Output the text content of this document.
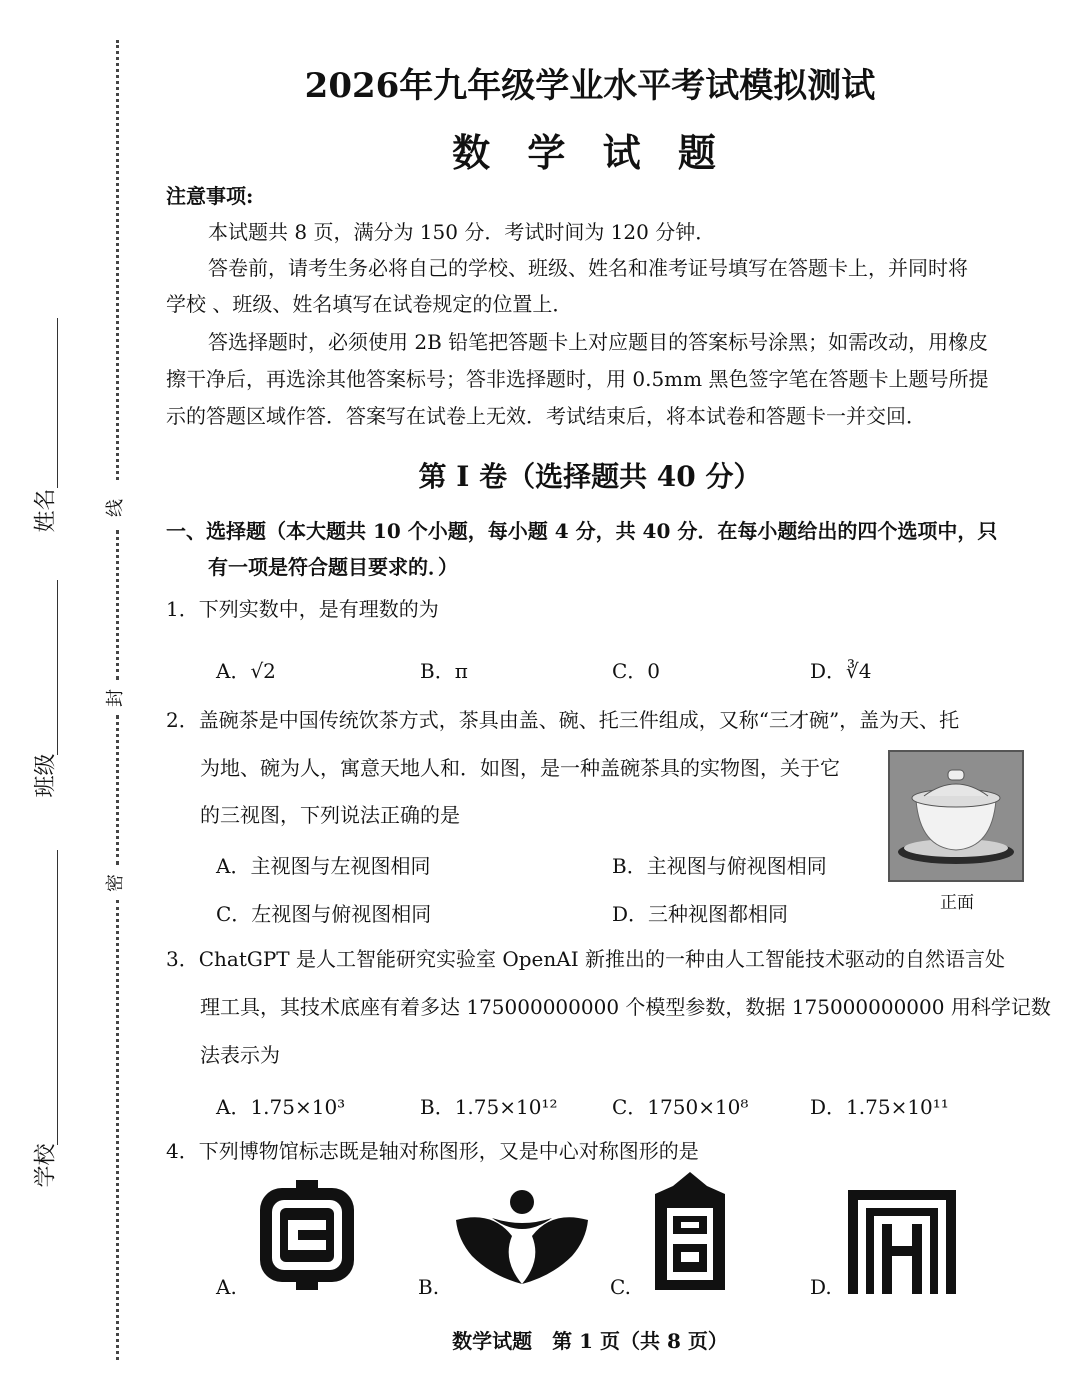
姓名
班级
学校
线
封
密
2026年九年级学业水平考试模拟测试
数 学 试 题
注意事项:
本试题共 8 页，满分为 150 分．考试时间为 120 分钟．
答卷前，请考生务必将自己的学校、班级、姓名和准考证号填写在答题卡上，并同时将
学校 、班级、姓名填写在试卷规定的位置上．
答选择题时，必须使用 2B 铅笔把答题卡上对应题目的答案标号涂黑；如需改动，用橡皮
擦干净后，再选涂其他答案标号；答非选择题时，用 0.5mm 黑色签字笔在答题卡上题号所提
示的答题区域作答．答案写在试卷上无效．考试结束后，将本试卷和答题卡一并交回．
第 I 卷（选择题共 40 分）
一、选择题（本大题共 10 个小题，每小题 4 分，共 40 分．在每小题给出的四个选项中，只
有一项是符合题目要求的．）
1．下列实数中，是有理数的为
A．√2	B．π	C．0	D．∛4
2．盖碗茶是中国传统饮茶方式，茶具由盖、碗、托三件组成，又称“三才碗”，盖为天、托
为地、碗为人，寓意天地人和．如图，是一种盖碗茶具的实物图，关于它
的三视图，下列说法正确的是
A．主视图与左视图相同	B．主视图与俯视图相同
C．左视图与俯视图相同	D．三种视图都相同	正面
3．ChatGPT 是人工智能研究实验室 OpenAI 新推出的一种由人工智能技术驱动的自然语言处
理工具，其技术底座有着多达 175000000000 个模型参数，数据 175000000000 用科学记数
法表示为
A．1.75×10³	B．1.75×10¹²	C．1750×10⁸	D．1.75×10¹¹
4．下列博物馆标志既是轴对称图形，又是中心对称图形的是
A.	B.	C.	D.
数学试题　第 1 页（共 8 页）
